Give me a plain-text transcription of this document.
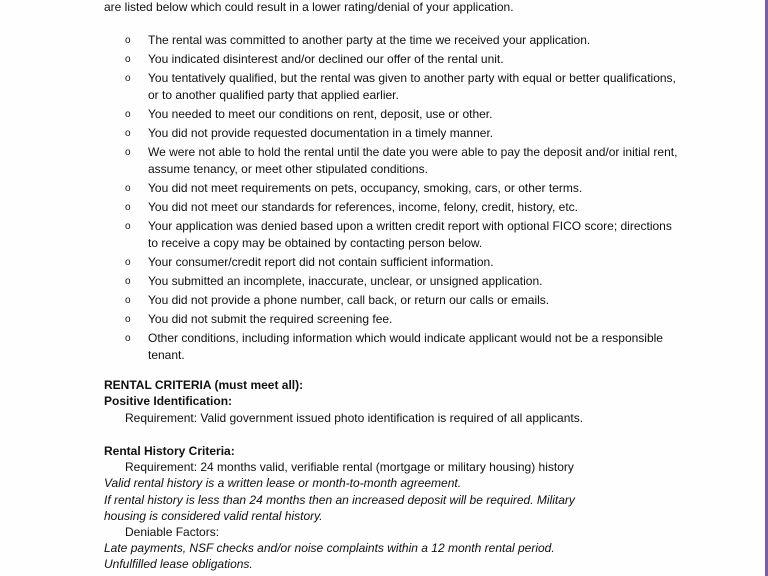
are listed below which could result in a lower rating/denial of your application.
o The rental was committed to another party at the time we received your application.
o You indicated disinterest and/or declined our offer of the rental unit.
o You tentatively qualified, but the rental was given to another party with equal or better qualifications, or to another qualified party that applied earlier.
o You needed to meet our conditions on rent, deposit, use or other.
o You did not provide requested documentation in a timely manner.
o We were not able to hold the rental until the date you were able to pay the deposit and/or initial rent, assume tenancy, or meet other stipulated conditions.
o You did not meet requirements on pets, occupancy, smoking, cars, or other terms.
o You did not meet our standards for references, income, felony, credit, history, etc.
o Your application was denied based upon a written credit report with optional FICO score; directions to receive a copy may be obtained by contacting person below.
o Your consumer/credit report did not contain sufficient information.
o You submitted an incomplete, inaccurate, unclear, or unsigned application.
o You did not provide a phone number, call back, or return our calls or emails.
o You did not submit the required screening fee.
o Other conditions, including information which would indicate applicant would not be a responsible tenant.
RENTAL CRITERIA (must meet all):
Positive Identification:
Requirement: Valid government issued photo identification is required of all applicants.
Rental History Criteria:
Requirement: 24 months valid, verifiable rental (mortgage or military housing) history
Valid rental history is a written lease or month-to-month agreement.
If rental history is less than 24 months then an increased deposit will be required. Military
housing is considered valid rental history.
Deniable Factors:
Late payments, NSF checks and/or noise complaints within a 12 month rental period.
Unfulfilled lease obligations.
